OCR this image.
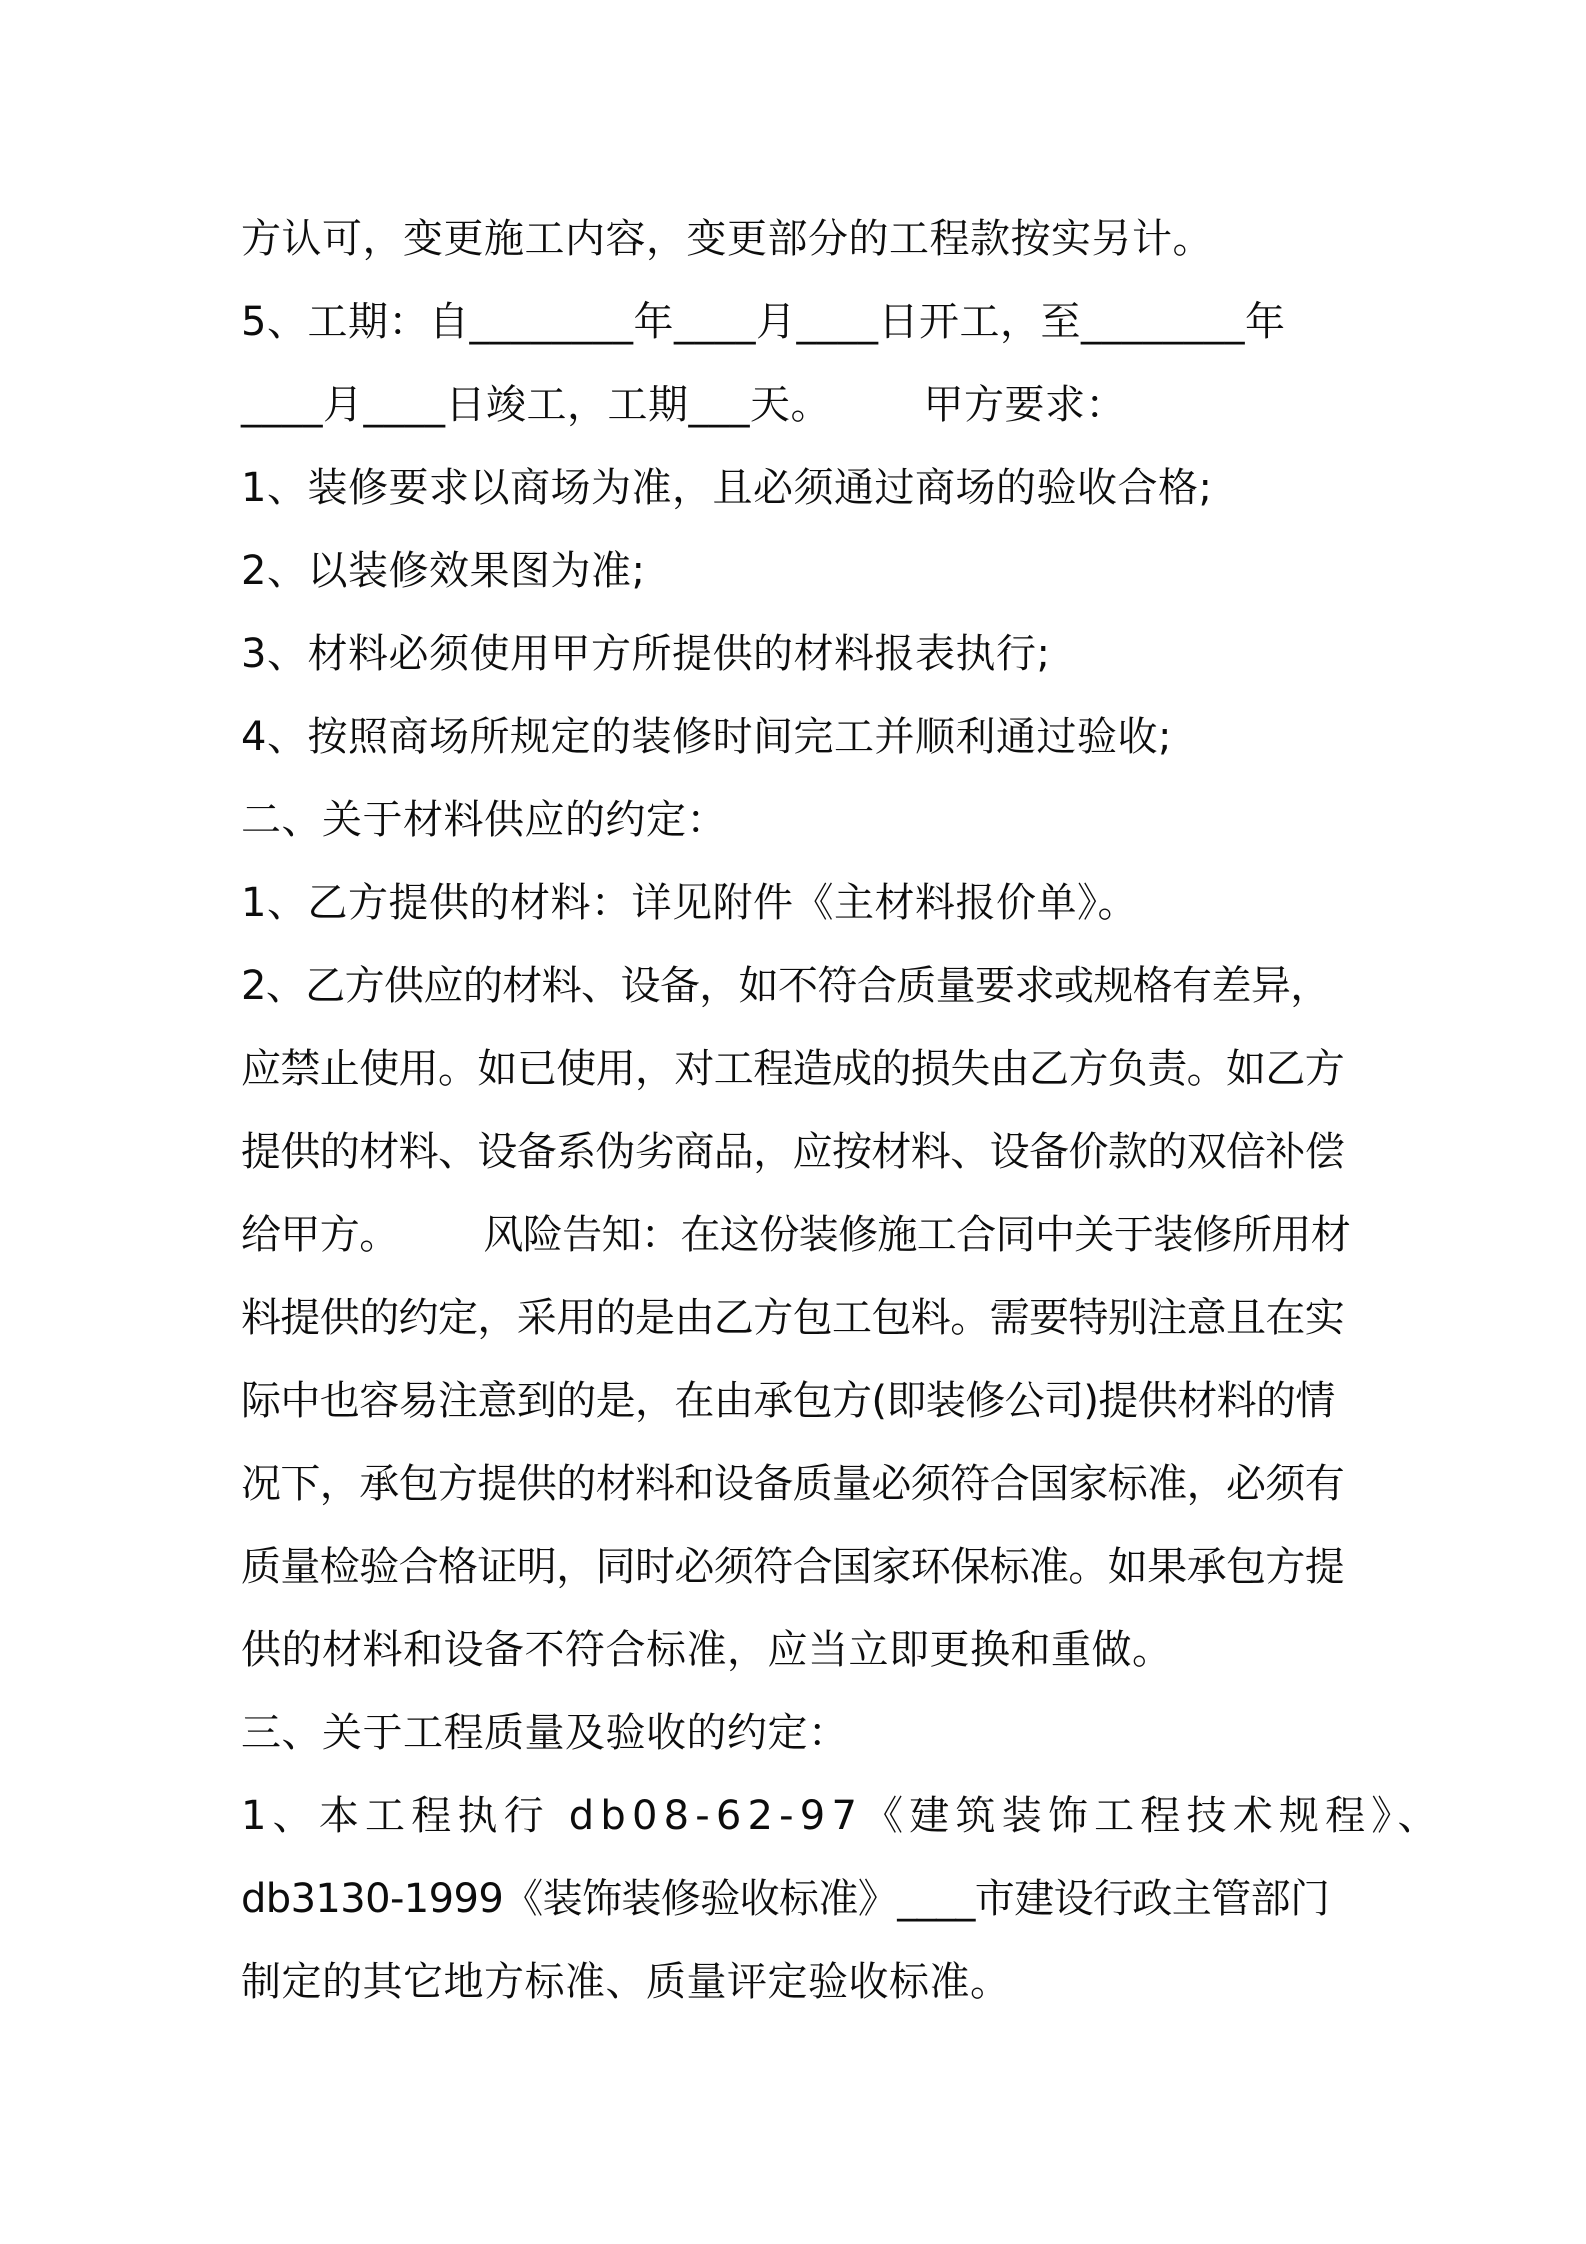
方认可，变更施工内容，变更部分的工程款按实另计。
5、工期：自________年____月____日开工，至________年
____月____日竣工，工期___天。       甲方要求：
1、装修要求以商场为准，且必须通过商场的验收合格;
2、以装修效果图为准;
3、材料必须使用甲方所提供的材料报表执行;
4、按照商场所规定的装修时间完工并顺利通过验收;
二、关于材料供应的约定：
1、乙方提供的材料：详见附件《主材料报价单》。
2、乙方供应的材料、设备，如不符合质量要求或规格有差异，
应禁止使用。如已使用，对工程造成的损失由乙方负责。如乙方
提供的材料、设备系伪劣商品，应按材料、设备价款的双倍补偿
给甲方。       风险告知：在这份装修施工合同中关于装修所用材
料提供的约定，采用的是由乙方包工包料。需要特别注意且在实
际中也容易注意到的是，在由承包方(即装修公司)提供材料的情
况下，承包方提供的材料和设备质量必须符合国家标准，必须有
质量检验合格证明，同时必须符合国家环保标准。如果承包方提
供的材料和设备不符合标准，应当立即更换和重做。
三、关于工程质量及验收的约定：
1、本工程执行 db08-62-97《建筑装饰工程技术规程》、
db3130-1999《装饰装修验收标准》____市建设行政主管部门
制定的其它地方标准、质量评定验收标准。
